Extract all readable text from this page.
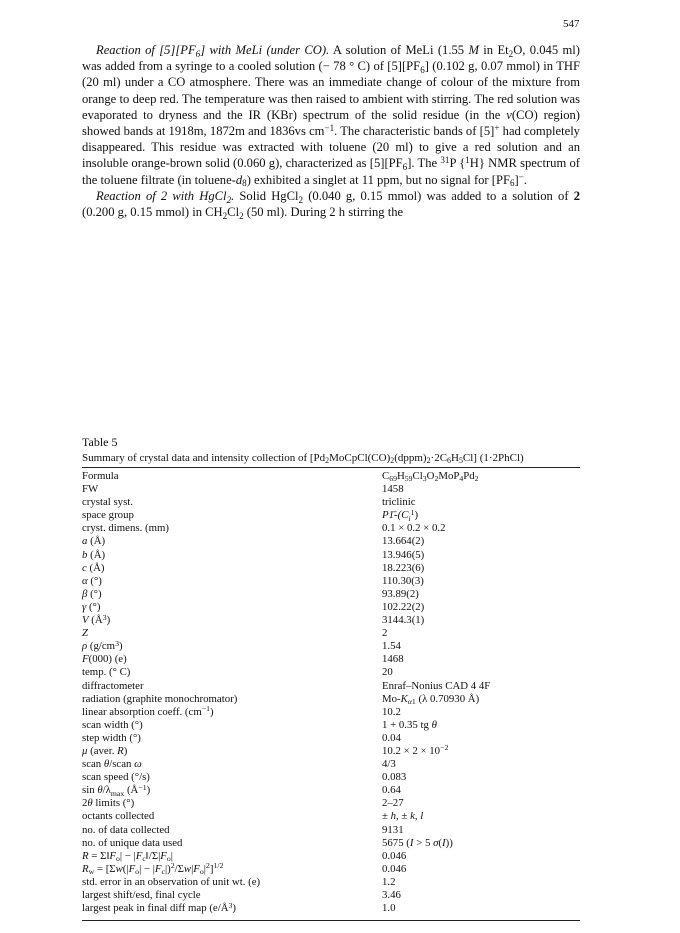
547

Reaction of $[5][PF_6]$ with MeLi (under CO). A solution of MeLi (1.55 M in $Et_2O$, 0.045 ml) was added from a syringe to a cooled solution (− 78 ° C) of $[5][PF_6]$ (0.102 g, 0.07 mmol) in THF (20 ml) under a CO atmosphere. There was an immediate change of colour of the mixture from orange to deep red. The temperature was then raised to ambient with stirring. The red solution was evaporated to dryness and the IR (KBr) spectrum of the solid residue (in the ν(CO) region) showed bands at 1918m, 1872m and 1836vs $cm^{-1}$. The characteristic bands of [5]+ had completely disappeared. This residue was extracted with toluene (20 ml) to give a red solution and an insoluble orange-brown solid (0.060 g), characterized as $[5][PF_6]$. The $^{31}$P {$^1$H} NMR spectrum of the toluene filtrate (in toluene-$d_8$) exhibited a singlet at 11 ppm, but no signal for $[PF_6]^-$.

Reaction of 2 with HgCl$_2$. Solid HgCl$_2$ (0.040 g, 0.15 mmol) was added to a solution of 2 (0.200 g, 0.15 mmol) in $CH_2Cl_2$ (50 ml). During 2 h stirring the

Table 5
Summary of crystal data and intensity collection of $[Pd_2MoCpCl(CO)_2(dppm)_2\cdot 2C_6H_5Cl]$ (1·2PhCl)
Formula	$C_{69}H_{59}Cl_3O_2MoP_4Pd_2$
FW	1458
crystal syst.	triclinic
space group	$P1̄-(C_i^1)$
cryst. dimens. (mm)	0.1 × 0.2 × 0.2
a (Å)	13.664(2)
b (Å)	13.946(5)
c (Å)	18.223(6)
α (°)	110.30(3)
β (°)	93.89(2)
γ (°)	102.22(2)
V $(Å^3)$	3144.3(1)
Z	2
ρ $(g/cm^3)$	1.54
F(000) (e)	1468
temp. (° C)	20
diffractometer	Enraf–Nonius CAD 4 4F
radiation (graphite monochromator)	$Mo-K_{\alpha 1}$ (λ 0.70930 Å)
linear absorption coeff. $(cm^{-1})$	10.2
scan width (°)	1 + 0.35 tg θ
step width (°)	0.04
μ (aver. R)	$10.2 \times 2 \times 10^{-2}$
scan θ/scan ω	4/3
scan speed (°/s)	0.083
$\sin \theta/\lambda_{max}$ $(Å^{-1})$	0.64
2θ limits (°)	2–27
octants collected	± h, ± k, l
no. of data collected	9131
no. of unique data used	5675 (I > 5 σ(I))
$R = \Sigma‖F_o|$ − $|F_c‖/\Sigma|F_o|$	0.046
$R_w = [\Sigma w(|F_o| - |F_c|)^2/\Sigma w|F_o|^2]^{1/2}$	0.046
std. error in an observation of unit wt. (e)	1.2
largest shift/esd, final cycle	3.46
largest peak in final diff map $(e/Å^3)$	1.0
